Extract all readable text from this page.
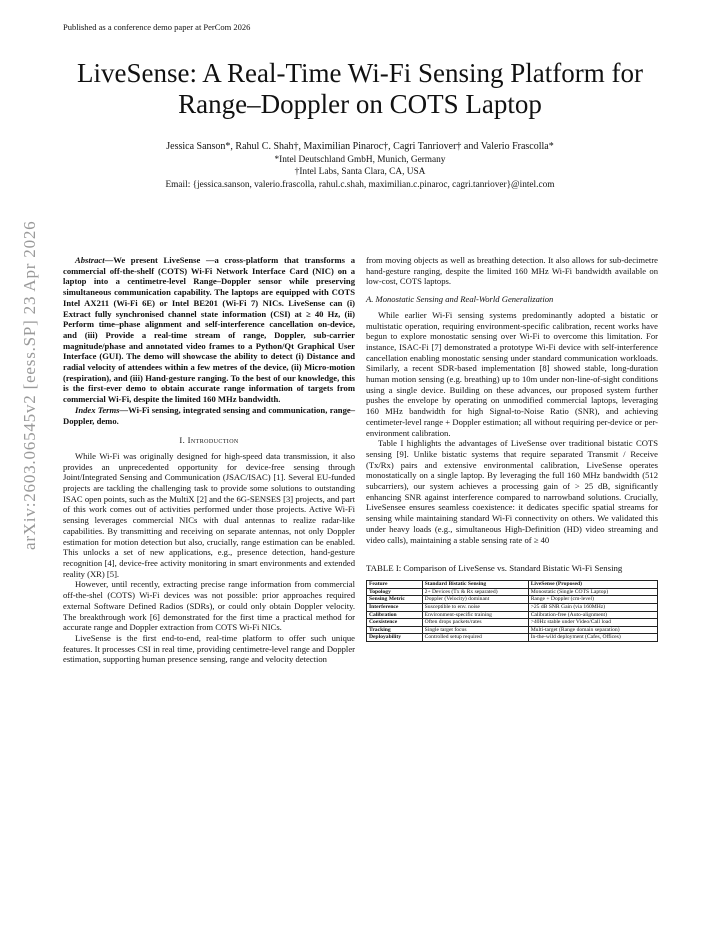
Published as a conference demo paper at PerCom 2026
arXiv:2603.06545v2 [eess.SP] 23 Apr 2026
LiveSense: A Real-Time Wi-Fi Sensing Platform for Range–Doppler on COTS Laptop
Jessica Sanson*, Rahul C. Shah†, Maximilian Pinaroc†, Cagri Tanriover† and Valerio Frascolla*
*Intel Deutschland GmbH, Munich, Germany
†Intel Labs, Santa Clara, CA, USA
Email: {jessica.sanson, valerio.frascolla, rahul.c.shah, maximilian.c.pinaroc, cagri.tanriover}@intel.com

Abstract—We present LiveSense —a cross-platform that transforms a commercial off-the-shelf (COTS) Wi-Fi Network Interface Card (NIC) on a laptop into a centimetre-level Range–Doppler sensor while preserving simultaneous communication capability. The laptops are equipped with COTS Intel AX211 (Wi-Fi 6E) or Intel BE201 (Wi-Fi 7) NICs. LiveSense can (i) Extract fully synchronised channel state information (CSI) at ≥ 40 Hz, (ii) Perform time–phase alignment and self-interference cancellation on-device, and (iii) Provide a real-time stream of range, Doppler, sub-carrier magnitude/phase and annotated video frames to a Python/Qt Graphical User Interface (GUI). The demo will showcase the ability to detect (i) Distance and radial velocity of attendees within a few metres of the device, (ii) Micro-motion (respiration), and (iii) Hand-gesture ranging. To the best of our knowledge, this is the first-ever demo to obtain accurate range information of targets from commercial Wi-Fi, despite the limited 160 MHz bandwidth.

Index Terms—Wi-Fi sensing, integrated sensing and communication, range–Doppler, demo.

I. Introduction

While Wi-Fi was originally designed for high-speed data transmission, it also provides an unprecedented opportunity for device-free sensing through Joint/Integrated Sensing and Communication (JSAC/ISAC) [1]. Several EU-funded projects are tackling the challenging task to provide some solutions to outstanding ISAC open points, such as the MultiX [2] and the 6G-SENSES [3] projects, and part of this work comes out of activities performed under those projects. Active Wi-Fi sensing leverages commercial NICs with dual antennas to realize radar-like capabilities. By transmitting and receiving on separate antennas, not only Doppler estimation for motion detection but also, crucially, range estimation can be enabled. This unlocks a set of new applications, e.g., presence detection, hand-gesture recognition [4], device-free activity monitoring in smart environments and extended reality (XR) [5].

However, until recently, extracting precise range information from commercial off-the-shel (COTS) Wi-Fi devices was not possible: prior approaches required external Software Defined Radios (SDRs), or could only obtain Doppler velocity. The breakthrough work [6] demonstrated for the first time a practical method for accurate range and Doppler extraction from COTS Wi-Fi NICs.

LiveSense is the first end-to-end, real-time platform to offer such unique features. It processes CSI in real time, providing centimetre-level range and Doppler estimation, supporting human presence sensing, range and velocity detection

from moving objects as well as breathing detection. It also allows for sub-decimetre hand-gesture ranging, despite the limited 160 MHz Wi-Fi bandwidth available on low-cost, COTS laptops.

A. Monostatic Sensing and Real-World Generalization

While earlier Wi-Fi sensing systems predominantly adopted a bistatic or multistatic operation, requiring environment-specific calibration, recent works have begun to explore monostatic sensing over Wi-Fi to overcome this limitation. For instance, ISAC-Fi [7] demonstrated a prototype Wi-Fi device with self-interference cancellation enabling monostatic sensing under standard communication workloads. Similarly, a recent SDR-based implementation [8] showed stable, long-duration human motion sensing (e.g. breathing) up to 10m under non-line-of-sight conditions using a single device. Building on these advances, our proposed system further pushes the envelope by operating on unmodified commercial laptops, leveraging 160 MHz bandwidth for high Signal-to-Noise Ratio (SNR), and achieving centimeter-level range + Doppler estimation; all without requiring per-device or per-environment calibration.

Table I highlights the advantages of LiveSense over traditional bistatic COTS sensing [9]. Unlike bistatic systems that require separated Transmit / Receive (Tx/Rx) pairs and extensive environmental calibration, LiveSense operates monostatically on a single laptop. By leveraging the full 160 MHz bandwidth (512 subcarriers), our system achieves a processing gain of > 25 dB, significantly enhancing SNR against interference compared to narrowband solutions. Crucially, LiveSensee ensures seamless coexistence: it dedicates specific spatial streams for sensing while maintaining standard Wi-Fi connectivity on others. We validated this under heavy loads (e.g., simultaneous High-Definition (HD) video streaming and video calls), maintaining a stable sensing rate of ≥ 40

TABLE I: Comparison of LiveSense vs. Standard Bistatic Wi-Fi Sensing
Feature	Standard Bistatic Sensing	LiveSense (Proposed)
Topology	2+ Devices (Tx & Rx separated)	Monostatic (Single COTS Laptop)
Sensing Metric	Doppler (Velocity) dominant	Range + Doppler (cm-level)
Interference	Susceptible to env. noise	>25 dB SNR Gain (via 160MHz)
Calibration	Environment-specific training	Calibration-free (Auto-alignment)
Coexistence	Often drops packets/rates	>40Hz stable under Video/Call load
Tracking	Single target focus	Multi-target (Range domain separation)
Deployability	Controlled setup required	In-the-wild deployment (Cafes, Offices)
